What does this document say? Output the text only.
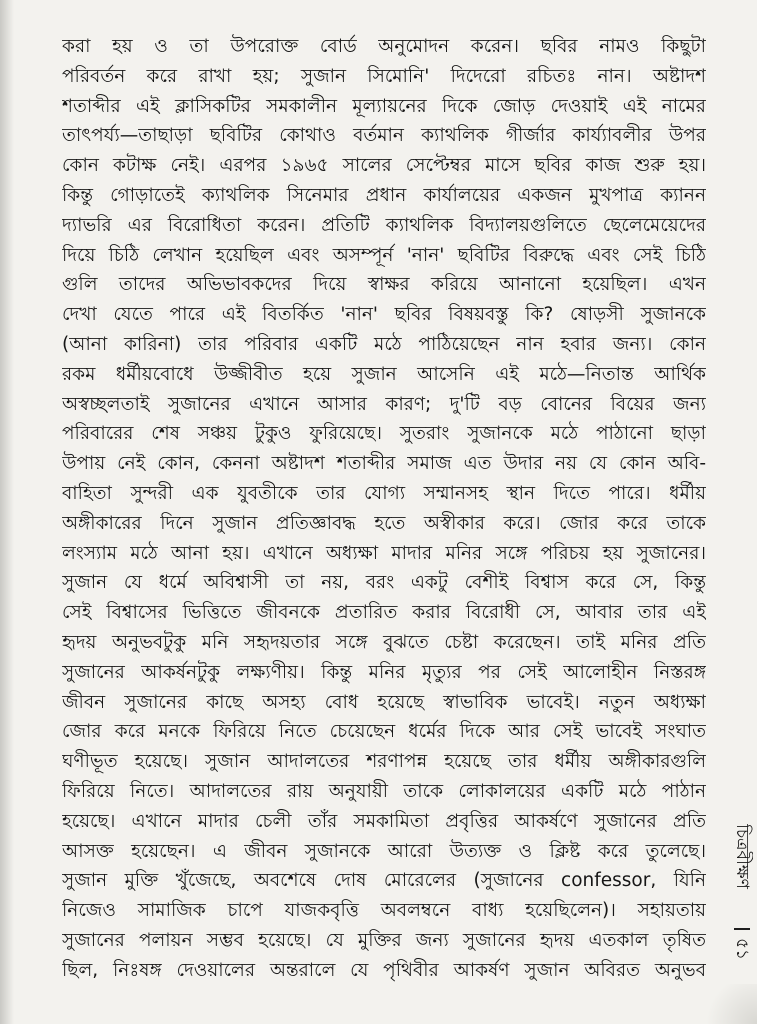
করা হয় ও তা উপরোক্ত বোর্ড অনুমোদন করেন। ছবির নামও কিছুটা
পরিবর্তন করে রাখা হয়; সুজান সিমোনি' দিদেরো রচিতঃ নান। অষ্টাদশ
শতাব্দীর এই ক্লাসিকটির সমকালীন মূল্যায়নের দিকে জোড় দেওয়াই এই নামের
তাৎপর্য্য—তাছাড়া ছবিটির কোথাও বর্তমান ক্যাথলিক গীর্জার কার্য্যাবলীর উপর
কোন কটাক্ষ নেই। এরপর ১৯৬৫ সালের সেপ্টেম্বর মাসে ছবির কাজ শুরু হয়।
কিন্তু গোড়াতেই ক্যাথলিক সিনেমার প্রধান কার্যালয়ের একজন মুখপাত্র ক্যানন
দ্যাভরি এর বিরোধিতা করেন। প্রতিটি ক্যাথলিক বিদ্যালয়গুলিতে ছেলেমেয়েদের
দিয়ে চিঠি লেখান হয়েছিল এবং অসম্পূর্ন 'নান' ছবিটির বিরুদ্ধে এবং সেই চিঠি
গুলি তাদের অভিভাবকদের দিয়ে স্বাক্ষর করিয়ে আনানো হয়েছিল। এখন
দেখা যেতে পারে এই বিতর্কিত 'নান' ছবির বিষয়বস্তু কি? ষোড়সী সুজানকে
(আনা কারিনা) তার পরিবার একটি মঠে পাঠিয়েছেন নান হবার জন্য। কোন
রকম ধর্মীয়বোধে উজ্জীবীত হয়ে সুজান আসেনি এই মঠে—নিতান্ত আর্থিক
অস্বচ্ছলতাই সুজানের এখানে আসার কারণ; দু'টি বড় বোনের বিয়ের জন্য
পরিবারের শেষ সঞ্চয় টুকুও ফুরিয়েছে। সুতরাং সুজানকে মঠে পাঠানো ছাড়া
উপায় নেই কোন, কেননা অষ্টাদশ শতাব্দীর সমাজ এত উদার নয় যে কোন অবি-
বাহিতা সুন্দরী এক যুবতীকে তার যোগ্য সম্মানসহ স্থান দিতে পারে। ধর্মীয়
অঙ্গীকারের দিনে সুজান প্রতিজ্ঞাবদ্ধ হতে অস্বীকার করে। জোর করে তাকে
লংস্যাম মঠে আনা হয়। এখানে অধ্যক্ষা মাদার মনির সঙ্গে পরিচয় হয় সুজানের।
সুজান যে ধর্মে অবিশ্বাসী তা নয়, বরং একটু বেশীই বিশ্বাস করে সে, কিন্তু
সেই বিশ্বাসের ভিত্তিতে জীবনকে প্রতারিত করার বিরোধী সে, আবার তার এই
হৃদয় অনুভবটুকু মনি সহৃদয়তার সঙ্গে বুঝতে চেষ্টা করেছেন। তাই মনির প্রতি
সুজানের আকর্ষনটুকু লক্ষ্যণীয়। কিন্তু মনির মৃত্যুর পর সেই আলোহীন নিস্তরঙ্গ
জীবন সুজানের কাছে অসহ্য বোধ হয়েছে স্বাভাবিক ভাবেই। নতুন অধ্যক্ষা
জোর করে মনকে ফিরিয়ে নিতে চেয়েছেন ধর্মের দিকে আর সেই ভাবেই সংঘাত
ঘণীভূত হয়েছে। সুজান আদালতের শরণাপন্ন হয়েছে তার ধর্মীয় অঙ্গীকারগুলি
ফিরিয়ে নিতে। আদালতের রায় অনুযায়ী তাকে লোকালয়ের একটি মঠে পাঠান
হয়েছে। এখানে মাদার চেলী তাঁর সমকামিতা প্রবৃত্তির আকর্ষণে সুজানের প্রতি
আসক্ত হয়েছেন। এ জীবন সুজানকে আরো উত্যক্ত ও ক্লিষ্ট করে তুলেছে।
সুজান মুক্তি খুঁজেছে, অবশেষে দোষ মোরেলের (সুজানের confessor, যিনি
নিজেও সামাজিক চাপে যাজকবৃত্তি অবলম্বনে বাধ্য হয়েছিলেন)। সহায়তায়
সুজানের পলায়ন সম্ভব হয়েছে। যে মুক্তির জন্য সুজানের হৃদয় এতকাল তৃষিত
ছিল, নিঃষঙ্গ দেওয়ালের অন্তরালে যে পৃথিবীর আকর্ষণ সুজান অবিরত অনুভব
চিত্রবীক্ষণ
৫১
